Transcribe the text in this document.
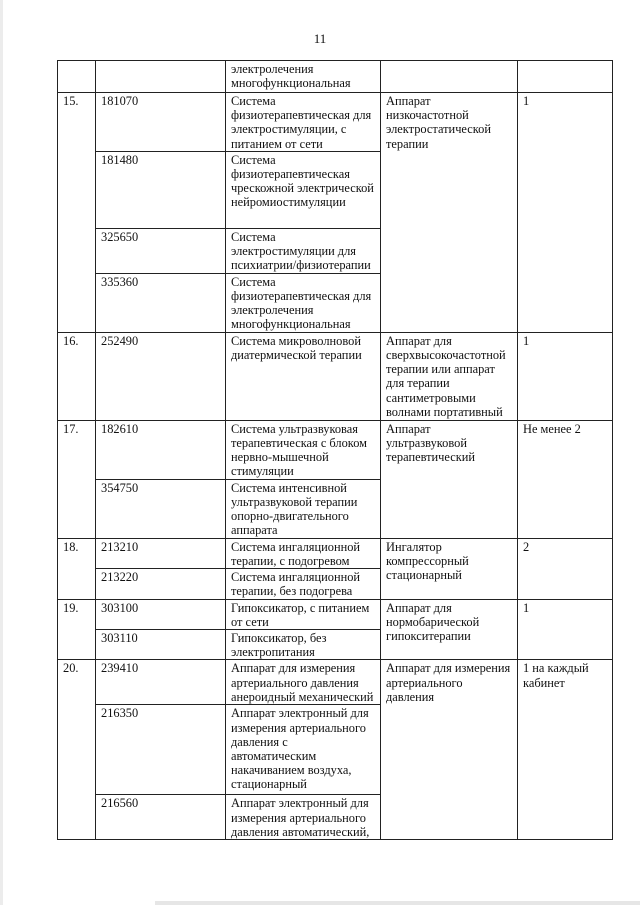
11
		электролечения многофункциональная		
15.	181070	Система физиотерапевтическая для электростимуляции, с питанием от сети	Аппарат низкочастотной электростатической терапии	1
	181480	Система физиотерапевтическая чрескожной электрической нейромиостимуляции		
	325650	Система электростимуляции для психиатрии/физиотерапии		
	335360	Система физиотерапевтическая для электролечения многофункциональная		
16.	252490	Система микроволновой диатермической терапии	Аппарат для сверхвысокочастотной терапии или аппарат для терапии сантиметровыми волнами портативный	1
17.	182610	Система ультразвуковая терапевтическая с блоком нервно-мышечной стимуляции	Аппарат ультразвуковой терапевтический	Не менее 2
	354750	Система интенсивной ультразвуковой терапии опорно-двигательного аппарата		
18.	213210	Система ингаляционной терапии, с подогревом	Ингалятор компрессорный стационарный	2
	213220	Система ингаляционной терапии, без подогрева		
19.	303100	Гипоксикатор, с питанием от сети	Аппарат для нормобарической гипокситерапии	1
	303110	Гипоксикатор, без электропитания		
20.	239410	Аппарат для измерения артериального давления анероидный механический	Аппарат для измерения артериального давления	1 на каждый кабинет
	216350	Аппарат электронный для измерения артериального давления с автоматическим накачиванием воздуха, стационарный		
	216560	Аппарат электронный для измерения артериального давления автоматический,		
